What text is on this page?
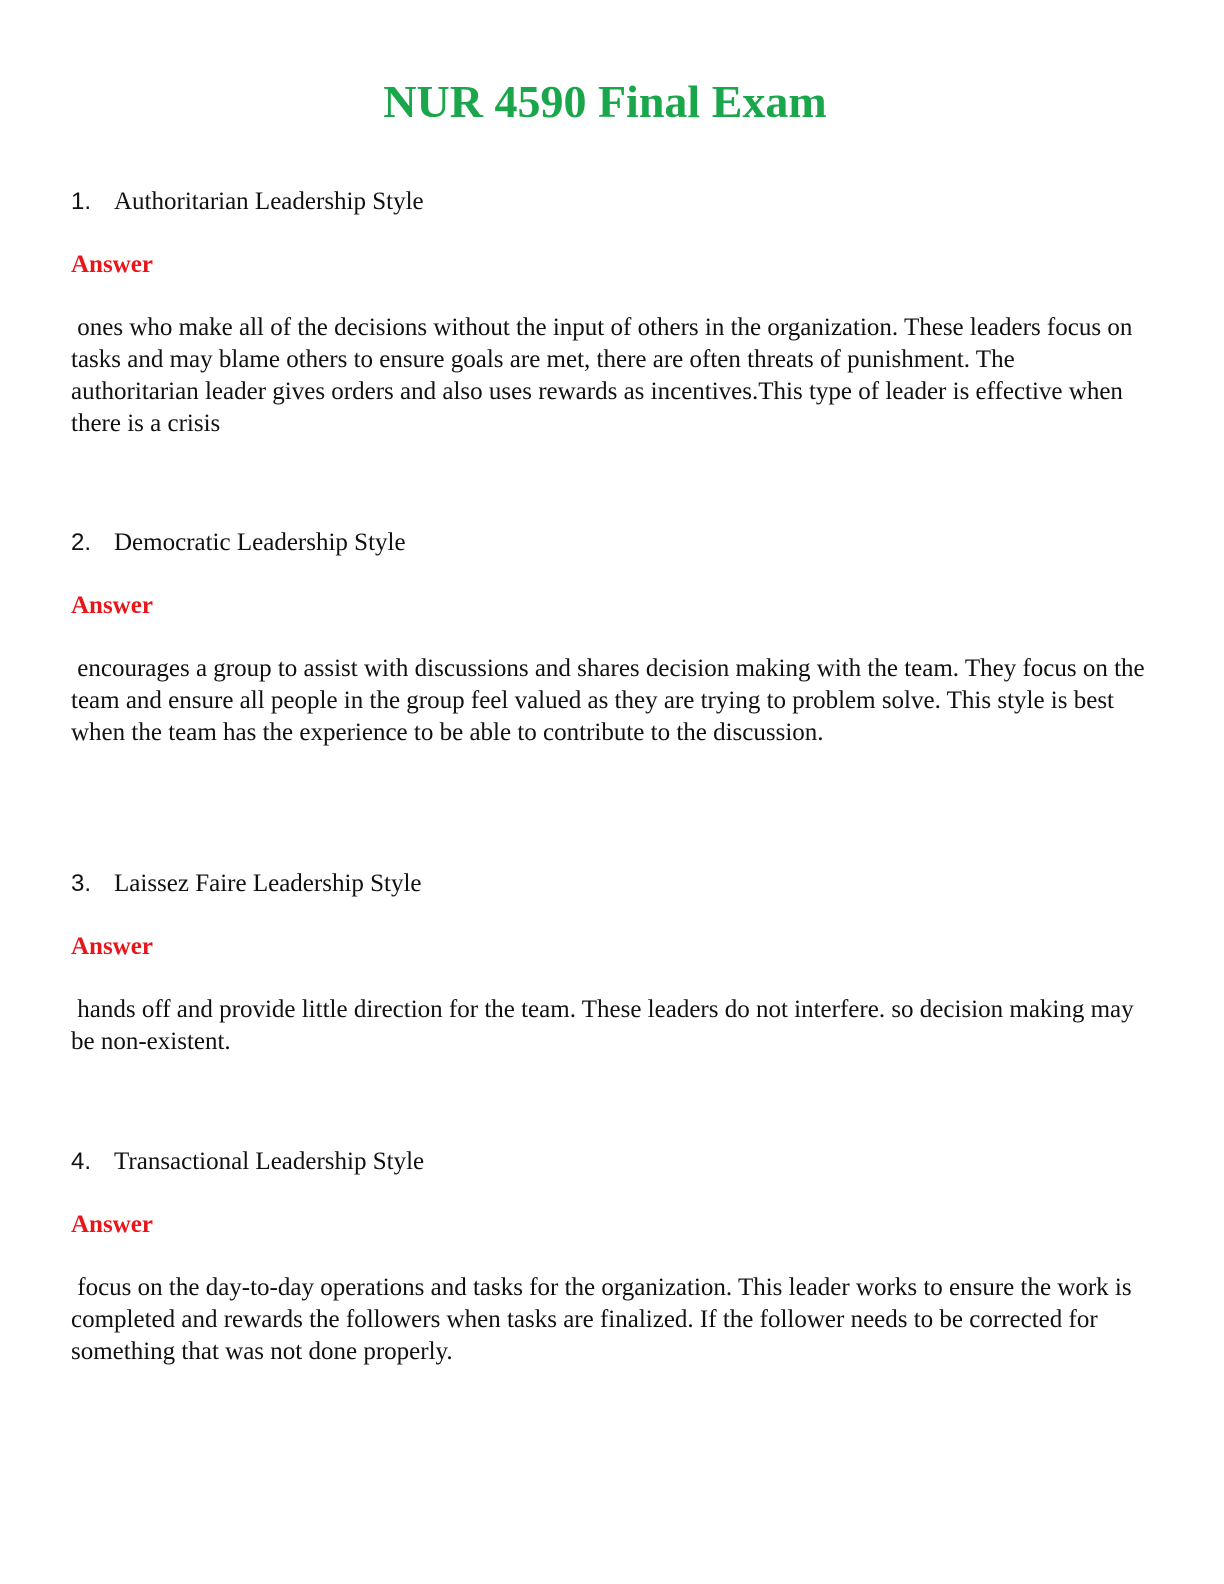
NUR 4590 Final Exam
1. Authoritarian Leadership Style
Answer
ones who make all of the decisions without the input of others in the organization. These leaders focus on tasks and may blame others to ensure goals are met, there are often threats of punishment. The authoritarian leader gives orders and also uses rewards as incentives.This type of leader is effective when there is a crisis
2. Democratic Leadership Style
Answer
encourages a group to assist with discussions and shares decision making with the team. They focus on the team and ensure all people in the group feel valued as they are trying to problem solve. This style is best when the team has the experience to be able to contribute to the discussion.
3. Laissez Faire Leadership Style
Answer
hands off and provide little direction for the team. These leaders do not interfere. so decision making may be non-existent.
4. Transactional Leadership Style
Answer
focus on the day-to-day operations and tasks for the organization. This leader works to ensure the work is completed and rewards the followers when tasks are finalized. If the follower needs to be corrected for something that was not done properly.
